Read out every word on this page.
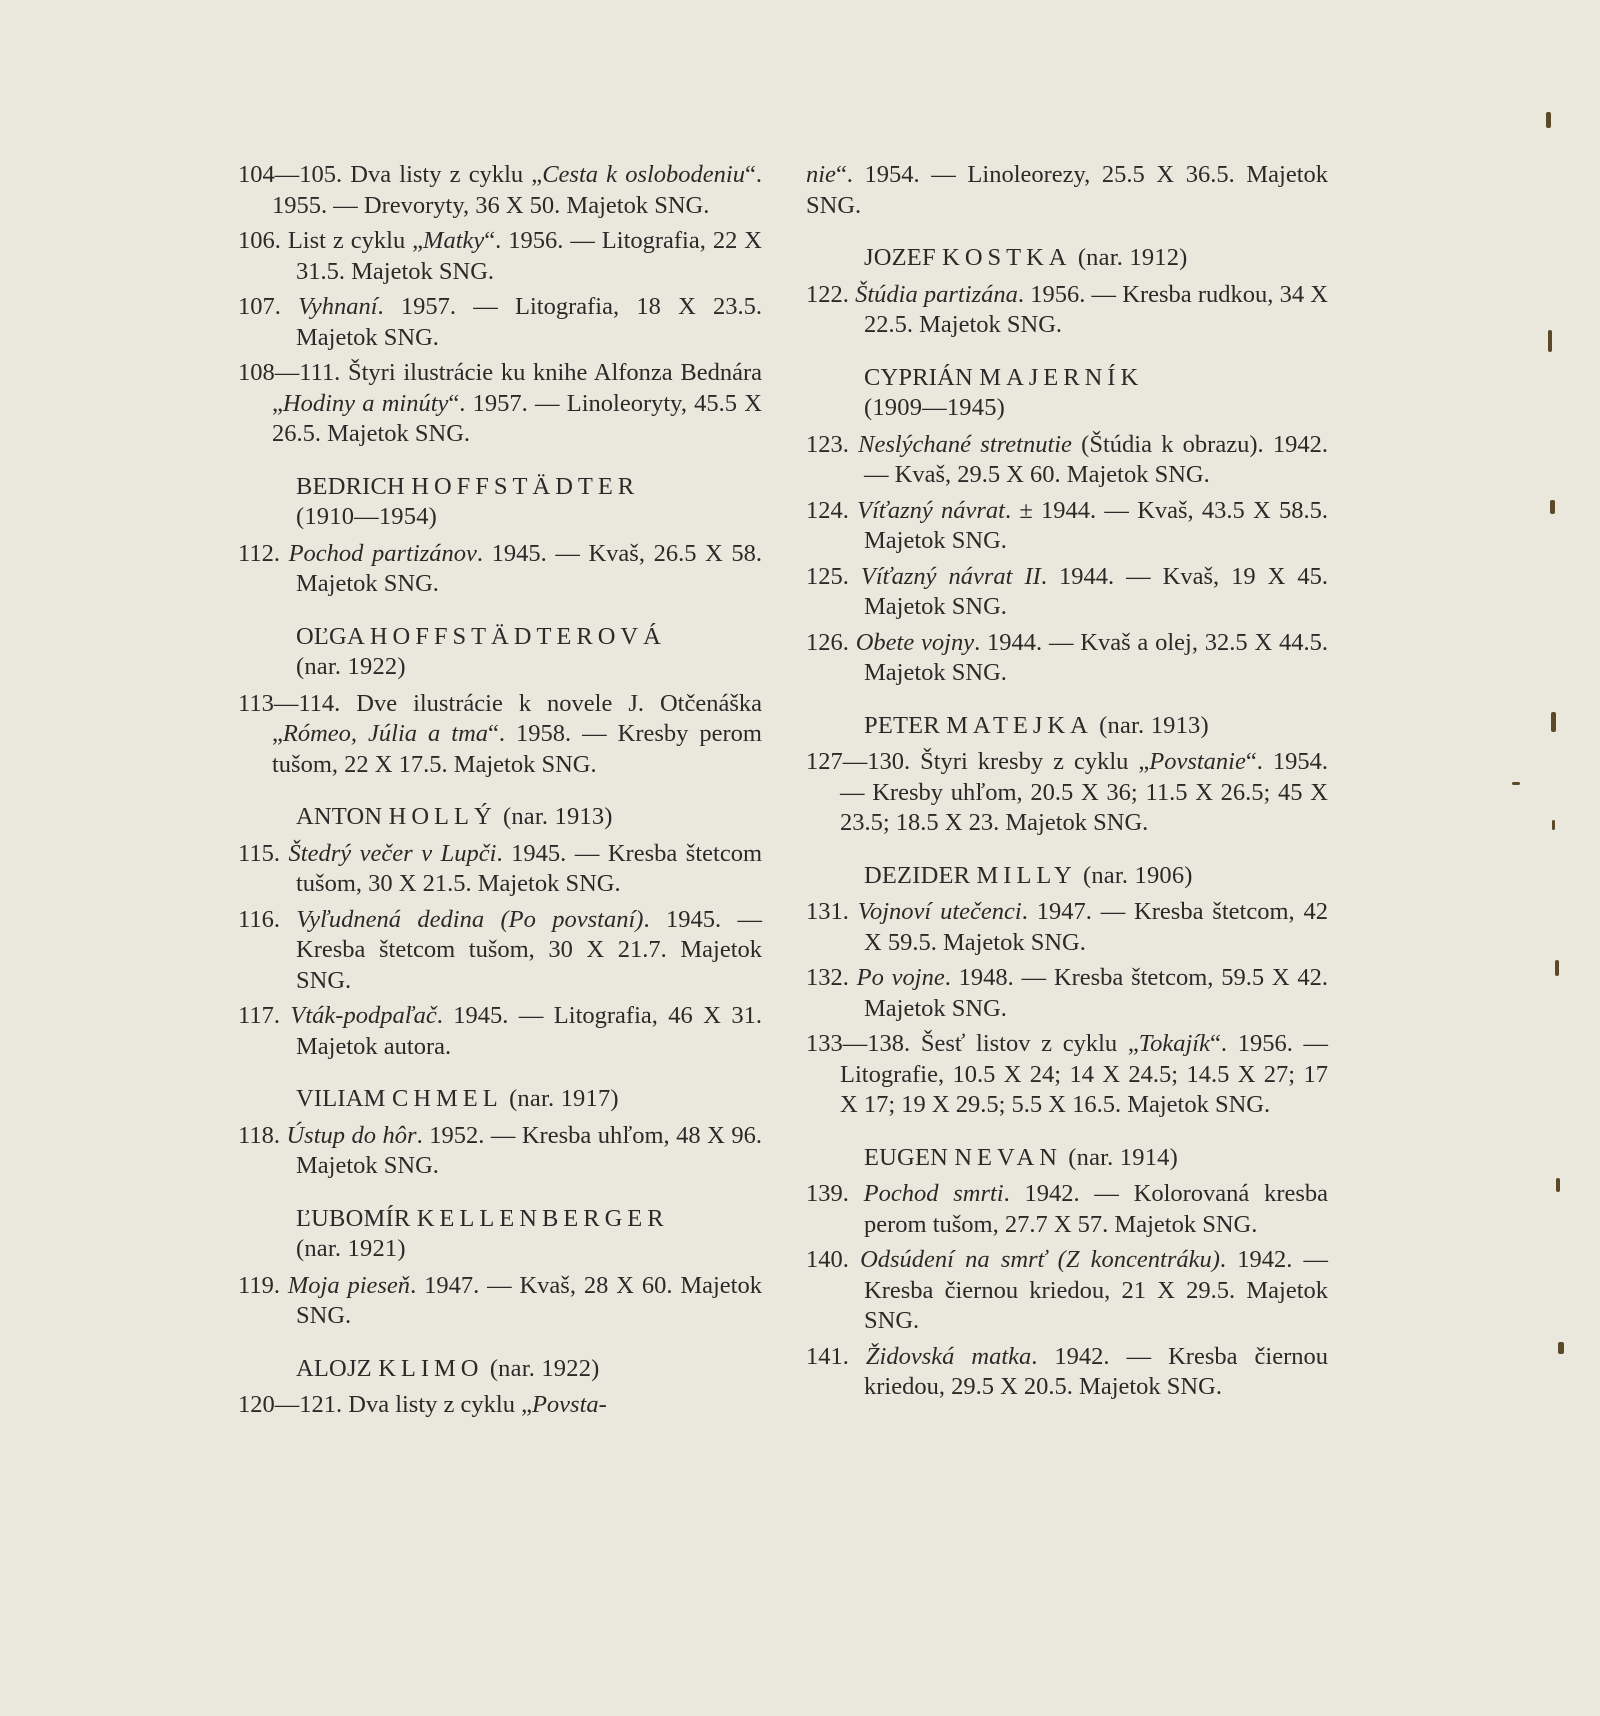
104—105. Dva listy z cyklu „Cesta k oslobodeniu“. 1955. — Drevoryty, 36 X 50. Majetok SNG.

106. List z cyklu „Matky“. 1956. — Litografia, 22 X 31.5. Majetok SNG.

107. Vyhnaní. 1957. — Litografia, 18 X 23.5. Majetok SNG.

108—111. Štyri ilustrácie ku knihe Alfonza Bednára „Hodiny a minúty“. 1957. — Linoleoryty, 45.5 X 26.5. Majetok SNG.

BEDRICH HOFFSTÄDTER
(1910—1954)

112. Pochod partizánov. 1945. — Kvaš, 26.5 X 58. Majetok SNG.

OĽGA HOFFSTÄDTEROVÁ
(nar. 1922)

113—114. Dve ilustrácie k novele J. Otčenáška „Rómeo, Júlia a tma“. 1958. — Kresby perom tušom, 22 X 17.5. Majetok SNG.

ANTON HOLLÝ (nar. 1913)

115. Štedrý večer v Lupči. 1945. — Kresba štetcom tušom, 30 X 21.5. Majetok SNG.

116. Vyľudnená dedina (Po povstaní). 1945. — Kresba štetcom tušom, 30 X 21.7. Majetok SNG.

117. Vták-podpaľač. 1945. — Litografia, 46 X 31. Majetok autora.

VILIAM CHMEL (nar. 1917)

118. Ústup do hôr. 1952. — Kresba uhľom, 48 X 96. Majetok SNG.

ĽUBOMÍR KELLENBERGER
(nar. 1921)

119. Moja pieseň. 1947. — Kvaš, 28 X 60. Majetok SNG.

ALOJZ KLIMO (nar. 1922)

120—121. Dva listy z cyklu „Povsta-

nie“. 1954. — Linoleorezy, 25.5 X 36.5. Majetok SNG.

JOZEF KOSTKA (nar. 1912)

122. Štúdia partizána. 1956. — Kresba rudkou, 34 X 22.5. Majetok SNG.

CYPRIÁN MAJERNÍK
(1909—1945)

123. Neslýchané stretnutie (Štúdia k obrazu). 1942. — Kvaš, 29.5 X 60. Majetok SNG.

124. Víťazný návrat. ± 1944. — Kvaš, 43.5 X 58.5. Majetok SNG.

125. Víťazný návrat II. 1944. — Kvaš, 19 X 45. Majetok SNG.

126. Obete vojny. 1944. — Kvaš a olej, 32.5 X 44.5. Majetok SNG.

PETER MATEJKA (nar. 1913)

127—130. Štyri kresby z cyklu „Povstanie“. 1954. — Kresby uhľom, 20.5 X 36; 11.5 X 26.5; 45 X 23.5; 18.5 X 23. Majetok SNG.

DEZIDER MILLY (nar. 1906)

131. Vojnoví utečenci. 1947. — Kresba štetcom, 42 X 59.5. Majetok SNG.

132. Po vojne. 1948. — Kresba štetcom, 59.5 X 42. Majetok SNG.

133—138. Šesť listov z cyklu „Tokajík“. 1956. — Litografie, 10.5 X 24; 14 X 24.5; 14.5 X 27; 17 X 17; 19 X 29.5; 5.5 X 16.5. Majetok SNG.

EUGEN NEVAN (nar. 1914)

139. Pochod smrti. 1942. — Kolorovaná kresba perom tušom, 27.7 X 57. Majetok SNG.

140. Odsúdení na smrť (Z koncentráku). 1942. — Kresba čiernou kriedou, 21 X 29.5. Majetok SNG.

141. Židovská matka. 1942. — Kresba čiernou kriedou, 29.5 X 20.5. Majetok SNG.
